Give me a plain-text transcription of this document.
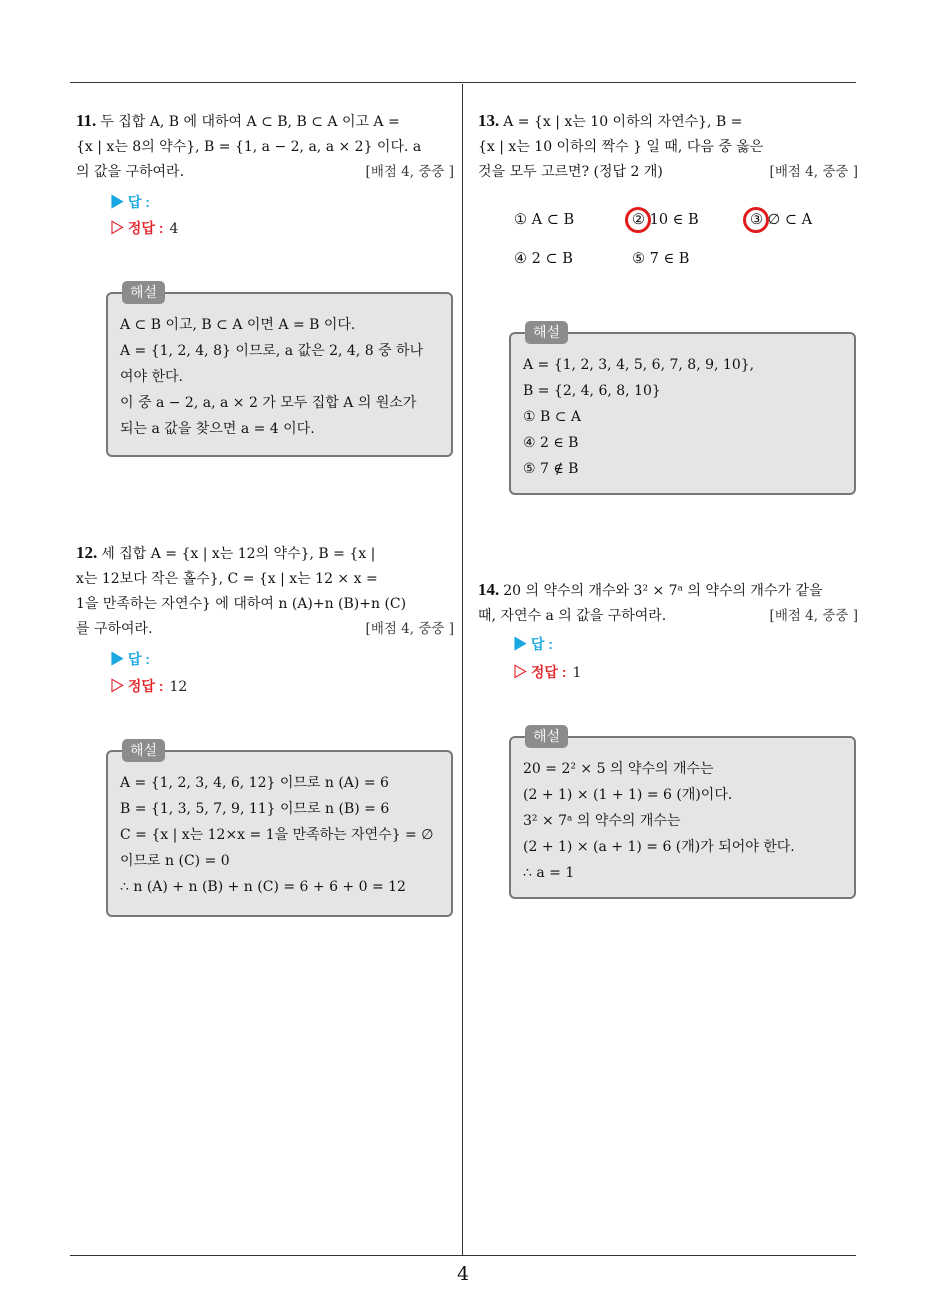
4
11. 두 집합 A, B 에 대하여 A ⊂ B, B ⊂ A 이고 A =
{x | x는 8의 약수}, B = {1, a − 2, a, a × 2} 이다. a
의 값을 구하여라.	[배점 4, 중중 ]
▶ 답 :
▷ 정답 : 4
해설

A ⊂ B 이고, B ⊂ A 이면 A = B 이다.

A = {1, 2, 4, 8} 이므로, a 값은 2, 4, 8 중 하나

여야 한다.

이 중 a − 2, a, a × 2 가 모두 집합 A 의 원소가

되는 a 값을 찾으면 a = 4 이다.

12. 세 집합 A = {x | x는 12의 약수}, B = {x |
x는 12보다 작은 홀수}, C = {x | x는 12 × x =
1을 만족하는 자연수} 에 대하여 n (A)+n (B)+n (C)
를 구하여라.	[배점 4, 중중 ]
▶ 답 :
▷ 정답 : 12
해설

A = {1, 2, 3, 4, 6, 12} 이므로 n (A) = 6

B = {1, 3, 5, 7, 9, 11} 이므로 n (B) = 6

C = {x | x는 12×x = 1을 만족하는 자연수} = ∅

이므로 n (C) = 0

∴ n (A) + n (B) + n (C) = 6 + 6 + 0 = 12

13. A = {x | x는 10 이하의 자연수}, B =
{x | x는 10 이하의 짝수 } 일 때, 다음 중 옳은
것을 모두 고르면? (정답 2 개)	[배점 4, 중중 ]
① A ⊂ B	② 10 ∈ B	③ ∅ ⊂ A
④ 2 ⊂ B	⑤ 7 ∈ B
해설

A = {1, 2, 3, 4, 5, 6, 7, 8, 9, 10},

B = {2, 4, 6, 8, 10}

① B ⊂ A

④ 2 ∈ B

⑤ 7 ∉ B

14. 20 의 약수의 개수와 3² × 7ᵃ 의 약수의 개수가 같을
때, 자연수 a 의 값을 구하여라.	[배점 4, 중중 ]
▶ 답 :
▷ 정답 : 1
해설

20 = 2² × 5 의 약수의 개수는

(2 + 1) × (1 + 1) = 6 (개)이다.

3² × 7ᵃ 의 약수의 개수는

(2 + 1) × (a + 1) = 6 (개)가 되어야 한다.

∴ a = 1
